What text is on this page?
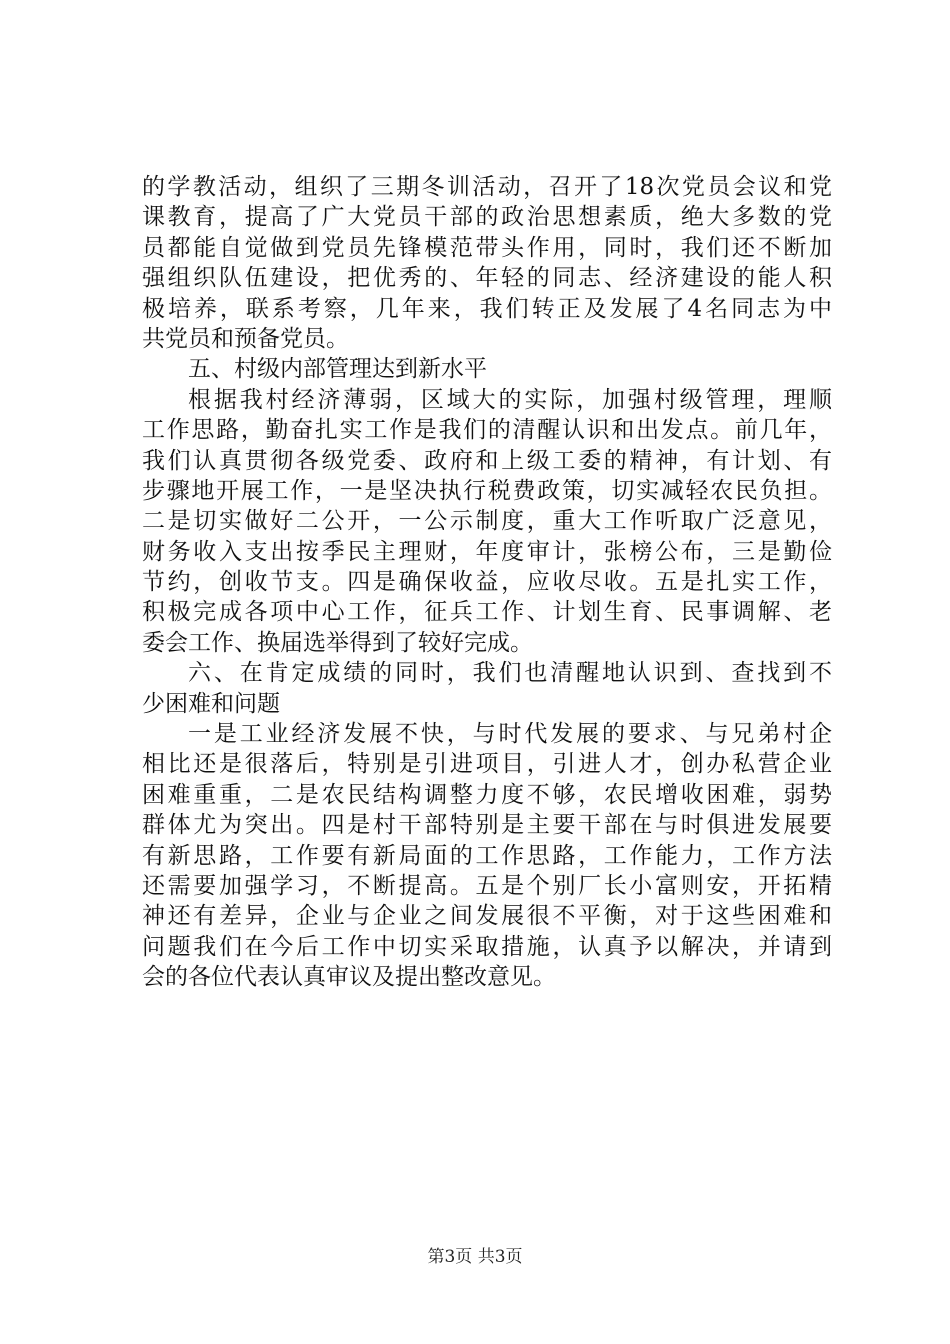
的学教活动，组织了三期冬训活动，召开了18次党员会议和党
课教育，提高了广大党员干部的政治思想素质，绝大多数的党
员都能自觉做到党员先锋模范带头作用，同时，我们还不断加
强组织队伍建设，把优秀的、年轻的同志、经济建设的能人积
极培养，联系考察，几年来，我们转正及发展了4名同志为中
共党员和预备党员。
五、村级内部管理达到新水平
根据我村经济薄弱，区域大的实际，加强村级管理，理顺
工作思路，勤奋扎实工作是我们的清醒认识和出发点。前几年，
我们认真贯彻各级党委、政府和上级工委的精神，有计划、有
步骤地开展工作，一是坚决执行税费政策，切实减轻农民负担。
二是切实做好二公开，一公示制度，重大工作听取广泛意见，
财务收入支出按季民主理财，年度审计，张榜公布，三是勤俭
节约，创收节支。四是确保收益，应收尽收。五是扎实工作，
积极完成各项中心工作，征兵工作、计划生育、民事调解、老
委会工作、换届选举得到了较好完成。
六、在肯定成绩的同时，我们也清醒地认识到、查找到不
少困难和问题
一是工业经济发展不快，与时代发展的要求、与兄弟村企
相比还是很落后，特别是引进项目，引进人才，创办私营企业
困难重重，二是农民结构调整力度不够，农民增收困难，弱势
群体尤为突出。四是村干部特别是主要干部在与时俱进发展要
有新思路，工作要有新局面的工作思路，工作能力，工作方法
还需要加强学习，不断提高。五是个别厂长小富则安，开拓精
神还有差异，企业与企业之间发展很不平衡，对于这些困难和
问题我们在今后工作中切实采取措施，认真予以解决，并请到
会的各位代表认真审议及提出整改意见。
第3页 共3页
